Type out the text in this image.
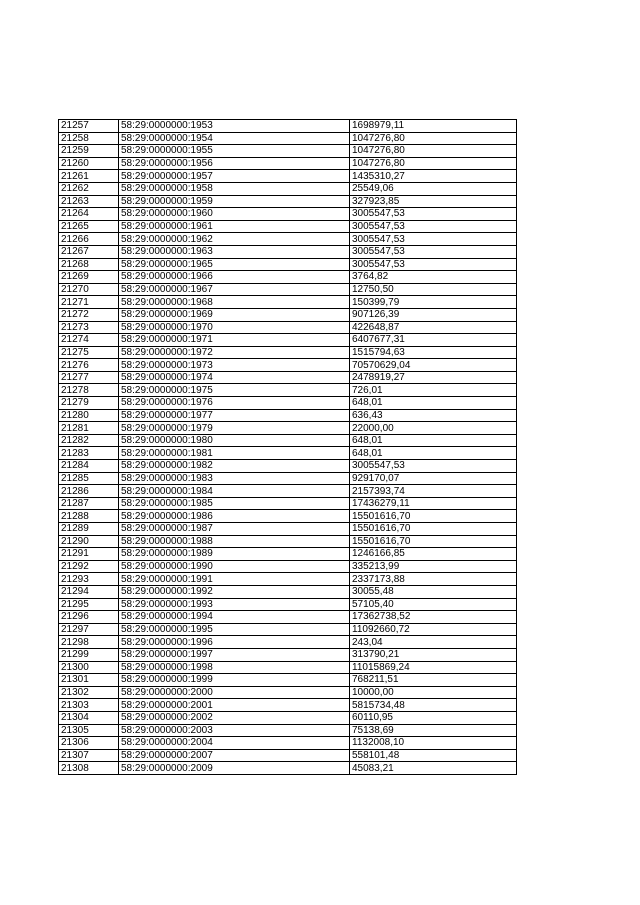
21257	58:29:0000000:1953	1698979,11
21258	58:29:0000000:1954	1047276,80
21259	58:29:0000000:1955	1047276,80
21260	58:29:0000000:1956	1047276,80
21261	58:29:0000000:1957	1435310,27
21262	58:29:0000000:1958	25549,06
21263	58:29:0000000:1959	327923,85
21264	58:29:0000000:1960	3005547,53
21265	58:29:0000000:1961	3005547,53
21266	58:29:0000000:1962	3005547,53
21267	58:29:0000000:1963	3005547,53
21268	58:29:0000000:1965	3005547,53
21269	58:29:0000000:1966	3764,82
21270	58:29:0000000:1967	12750,50
21271	58:29:0000000:1968	150399,79
21272	58:29:0000000:1969	907126,39
21273	58:29:0000000:1970	422648,87
21274	58:29:0000000:1971	6407677,31
21275	58:29:0000000:1972	1515794,63
21276	58:29:0000000:1973	70570629,04
21277	58:29:0000000:1974	2478919,27
21278	58:29:0000000:1975	726,01
21279	58:29:0000000:1976	648,01
21280	58:29:0000000:1977	636,43
21281	58:29:0000000:1979	22000,00
21282	58:29:0000000:1980	648,01
21283	58:29:0000000:1981	648,01
21284	58:29:0000000:1982	3005547,53
21285	58:29:0000000:1983	929170,07
21286	58:29:0000000:1984	2157393,74
21287	58:29:0000000:1985	17436279,11
21288	58:29:0000000:1986	15501616,70
21289	58:29:0000000:1987	15501616,70
21290	58:29:0000000:1988	15501616,70
21291	58:29:0000000:1989	1246166,85
21292	58:29:0000000:1990	335213,99
21293	58:29:0000000:1991	2337173,88
21294	58:29:0000000:1992	30055,48
21295	58:29:0000000:1993	57105,40
21296	58:29:0000000:1994	17362738,52
21297	58:29:0000000:1995	11092660,72
21298	58:29:0000000:1996	243,04
21299	58:29:0000000:1997	313790,21
21300	58:29:0000000:1998	11015869,24
21301	58:29:0000000:1999	768211,51
21302	58:29:0000000:2000	10000,00
21303	58:29:0000000:2001	5815734,48
21304	58:29:0000000:2002	60110,95
21305	58:29:0000000:2003	75138,69
21306	58:29:0000000:2004	1132008,10
21307	58:29:0000000:2007	558101,48
21308	58:29:0000000:2009	45083,21
